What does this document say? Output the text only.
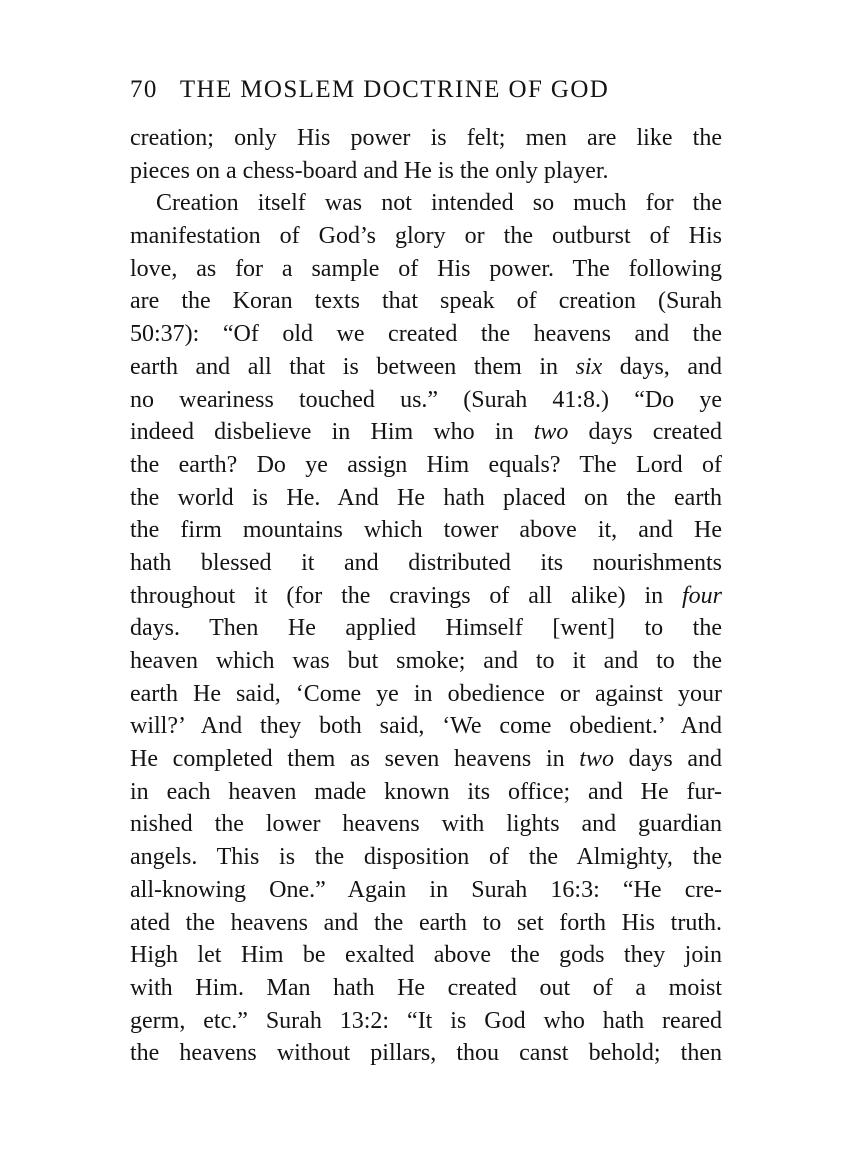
70 THE MOSLEM DOCTRINE OF GOD
creation; only His power is felt; men are like the
pieces on a chess-board and He is the only player.
Creation itself was not intended so much for the
manifestation of God’s glory or the outburst of His
love, as for a sample of His power. The following
are the Koran texts that speak of creation (Surah
50:37): “Of old we created the heavens and the
earth and all that is between them in six days, and
no weariness touched us.” (Surah 41:8.) “Do ye
indeed disbelieve in Him who in two days created
the earth? Do ye assign Him equals? The Lord of
the world is He. And He hath placed on the earth
the firm mountains which tower above it, and He
hath blessed it and distributed its nourishments
throughout it (for the cravings of all alike) in four
days. Then He applied Himself [went] to the
heaven which was but smoke; and to it and to the
earth He said, ‘Come ye in obedience or against your
will?’ And they both said, ‘We come obedient.’ And
He completed them as seven heavens in two days and
in each heaven made known its office; and He fur-
nished the lower heavens with lights and guardian
angels. This is the disposition of the Almighty, the
all-knowing One.” Again in Surah 16:3: “He cre-
ated the heavens and the earth to set forth His truth.
High let Him be exalted above the gods they join
with Him. Man hath He created out of a moist
germ, etc.” Surah 13:2: “It is God who hath reared
the heavens without pillars, thou canst behold; then
